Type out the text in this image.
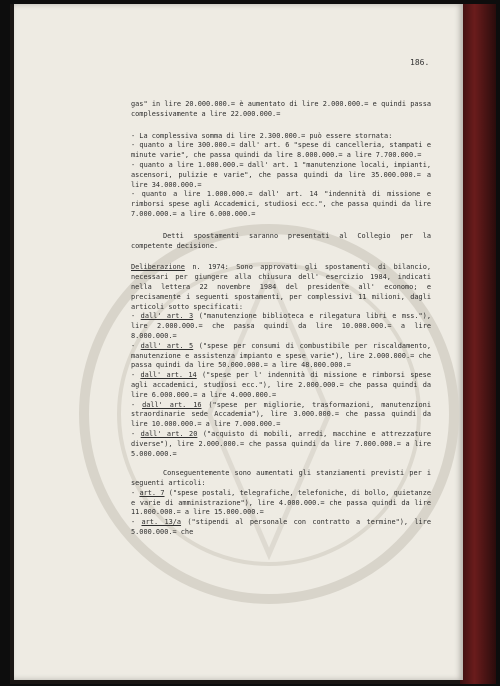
186.

gas" in lire 20.000.000.= è aumentato di lire 2.000.000.= e quindi passa complessivamente a lire 22.000.000.=

- La complessiva somma di lire 2.300.000.= può essere stornata:

- quanto a lire 300.000.= dall' art. 6 "spese di cancelleria, stampati e minute varie", che passa quindi da lire 8.000.000.= a lire 7.700.000.=

- quanto a lire 1.000.000.= dall' art. 1 "manutenzione locali, impianti, ascensori, pulizie e varie", che passa quindi da lire 35.000.000.= a lire 34.000.000.=

- quanto a lire 1.000.000.= dall' art. 14 "indennità di missione e rimborsi spese agli Accademici, studiosi ecc.", che passa quindi da lire 7.000.000.= a lire 6.000.000.=

Detti spostamenti saranno presentati al Collegio per la competente decisione.

Deliberazione n. 1974: Sono approvati gli spostamenti di bilancio, necessari per giungere alla chiusura dell' esercizio 1984, indicati nella lettera 22 novembre 1984 del presidente all' economo; e precisamente i seguenti spostamenti, per complessivi 11 milioni, dagli articoli sotto specificati:

- dall' art. 3 ("manutenzione biblioteca e rilegatura libri e mss."), lire 2.000.000.= che passa quindi da lire 10.000.000.= a lire 8.000.000.=

- dall' art. 5 ("spese per consumi di combustibile per riscaldamento, manutenzione e assistenza impianto e spese varie"), lire 2.000.000.= che passa quindi da lire 50.000.000.= a lire 48.000.000.=

- dall' art. 14 ("spese per l' indennità di missione e rimborsi spese agli accademici, studiosi ecc."), lire 2.000.000.= che passa quindi da lire 6.000.000.= a lire 4.000.000.=

- dall' art. 16 ("spese per migliorie, trasformazioni, manutenzioni straordinarie sede Accademia"), lire 3.000.000.= che passa quindi da lire 10.000.000.= a lire 7.000.000.=

- dall' art. 20 ("acquisto di mobili, arredi, macchine e attrezzature diverse"), lire 2.000.000.= che passa quindi da lire 7.000.000.= a lire 5.000.000.=

Conseguentemente sono aumentati gli stanziamenti previsti per i seguenti articoli:

- art. 7 ("spese postali, telegrafiche, telefoniche, di bollo, quietanze e varie di amministrazione"), lire 4.000.000.= che passa quindi da lire 11.000.000.= a lire 15.000.000.=

- art. 13/a ("stipendi al personale con contratto a termine"), lire 5.000.000.= che
